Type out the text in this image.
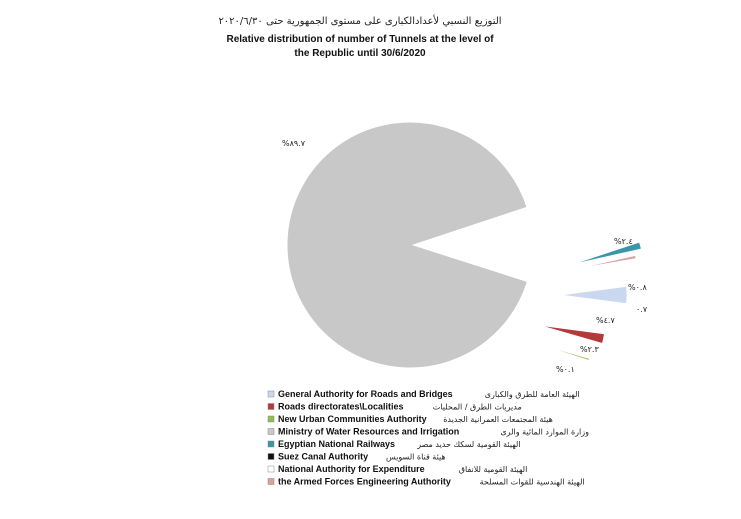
التوزيع النسبي لأعدادالكبارى على مستوى الجمهورية حتى ٢٠٢٠/٦/٣٠
Relative distribution of number of Tunnels at the level of
the Republic until 30/6/2020
%٤.٧
%٢.٣
%٠.١
%٨٩.٧
%٢.٤
٠.٧
%٠.٨
General Authority for Roads and Bridges	الهيئة العامة للطرق والكبارى
Roads directorates\Localities	مديريات الطرق / المحليات
New Urban Communities Authority هيئة المجتمعات العمرانية الجديدة
Ministry of Water Resources and Irrigation	وزارة الموارد المائية والرى
Egyptian National Railways	الهيئة القومية لسكك حديد مصر
Suez Canal Authority هيئة قناة السويس
National Authority for Expenditure	الهيئة القومية للانفاق
the Armed Forces Engineering Authority	الهيئة الهندسية للقوات المسلحة
